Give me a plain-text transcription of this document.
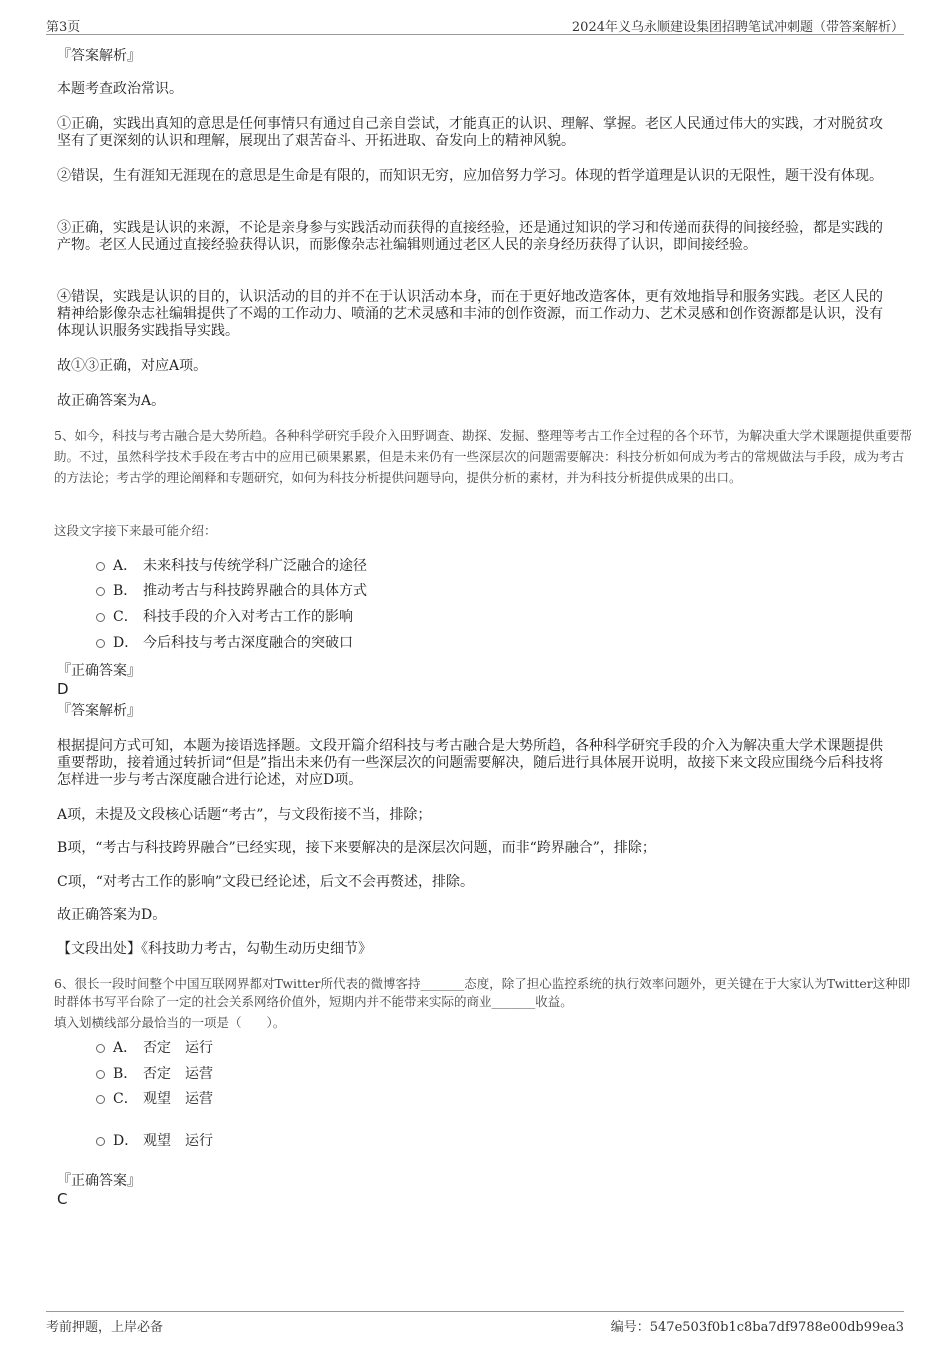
第3页	2024年义乌永顺建设集团招聘笔试冲刺题（带答案解析）
『答案解析』
本题考查政治常识。
①正确，实践出真知的意思是任何事情只有通过自己亲自尝试，才能真正的认识、理解、掌握。老区人民通过伟大的实践，才对脱贫攻坚有了更深刻的认识和理解，展现出了艰苦奋斗、开拓进取、奋发向上的精神风貌。
②错误，生有涯知无涯现在的意思是生命是有限的，而知识无穷，应加倍努力学习。体现的哲学道理是认识的无限性，题干没有体现。
③正确，实践是认识的来源，不论是亲身参与实践活动而获得的直接经验，还是通过知识的学习和传递而获得的间接经验，都是实践的产物。老区人民通过直接经验获得认识，而影像杂志社编辑则通过老区人民的亲身经历获得了认识，即间接经验。
④错误，实践是认识的目的，认识活动的目的并不在于认识活动本身，而在于更好地改造客体，更有效地指导和服务实践。老区人民的精神给影像杂志社编辑提供了不竭的工作动力、喷涌的艺术灵感和丰沛的创作资源，而工作动力、艺术灵感和创作资源都是认识，没有体现认识服务实践指导实践。
故①③正确，对应A项。
故正确答案为A。
5、如今，科技与考古融合是大势所趋。各种科学研究手段介入田野调查、勘探、发掘、整理等考古工作全过程的各个环节，为解决重大学术课题提供重要帮助。不过，虽然科学技术手段在考古中的应用已硕果累累，但是未来仍有一些深层次的问题需要解决：科技分析如何成为考古的常规做法与手段，成为考古的方法论；考古学的理论阐释和专题研究，如何为科技分析提供问题导向，提供分析的素材，并为科技分析提供成果的出口。
这段文字接下来最可能介绍：
A． 未来科技与传统学科广泛融合的途径
B． 推动考古与科技跨界融合的具体方式
C． 科技手段的介入对考古工作的影响
D． 今后科技与考古深度融合的突破口
『正确答案』
D
『答案解析』
根据提问方式可知，本题为接语选择题。文段开篇介绍科技与考古融合是大势所趋，各种科学研究手段的介入为解决重大学术课题提供重要帮助，接着通过转折词“但是”指出未来仍有一些深层次的问题需要解决，随后进行具体展开说明，故接下来文段应围绕今后科技将怎样进一步与考古深度融合进行论述，对应D项。
A项，未提及文段核心话题“考古”，与文段衔接不当，排除；
B项，“考古与科技跨界融合”已经实现，接下来要解决的是深层次问题，而非“跨界融合”，排除；
C项，“对考古工作的影响”文段已经论述，后文不会再赘述，排除。
故正确答案为D。
【文段出处】《科技助力考古，勾勒生动历史细节》
6、很长一段时间整个中国互联网界都对Twitter所代表的微博客持_______态度，除了担心监控系统的执行效率问题外，更关键在于大家认为Twitter这种即时群体书写平台除了一定的社会关系网络价值外，短期内并不能带来实际的商业_______收益。
填入划横线部分最恰当的一项是（　　）。
A． 否定　运行
B． 否定　运营
C． 观望　运营
D． 观望　运行
『正确答案』
C
考前押题，上岸必备	编号：547e503f0b1c8ba7df9788e00db99ea3
